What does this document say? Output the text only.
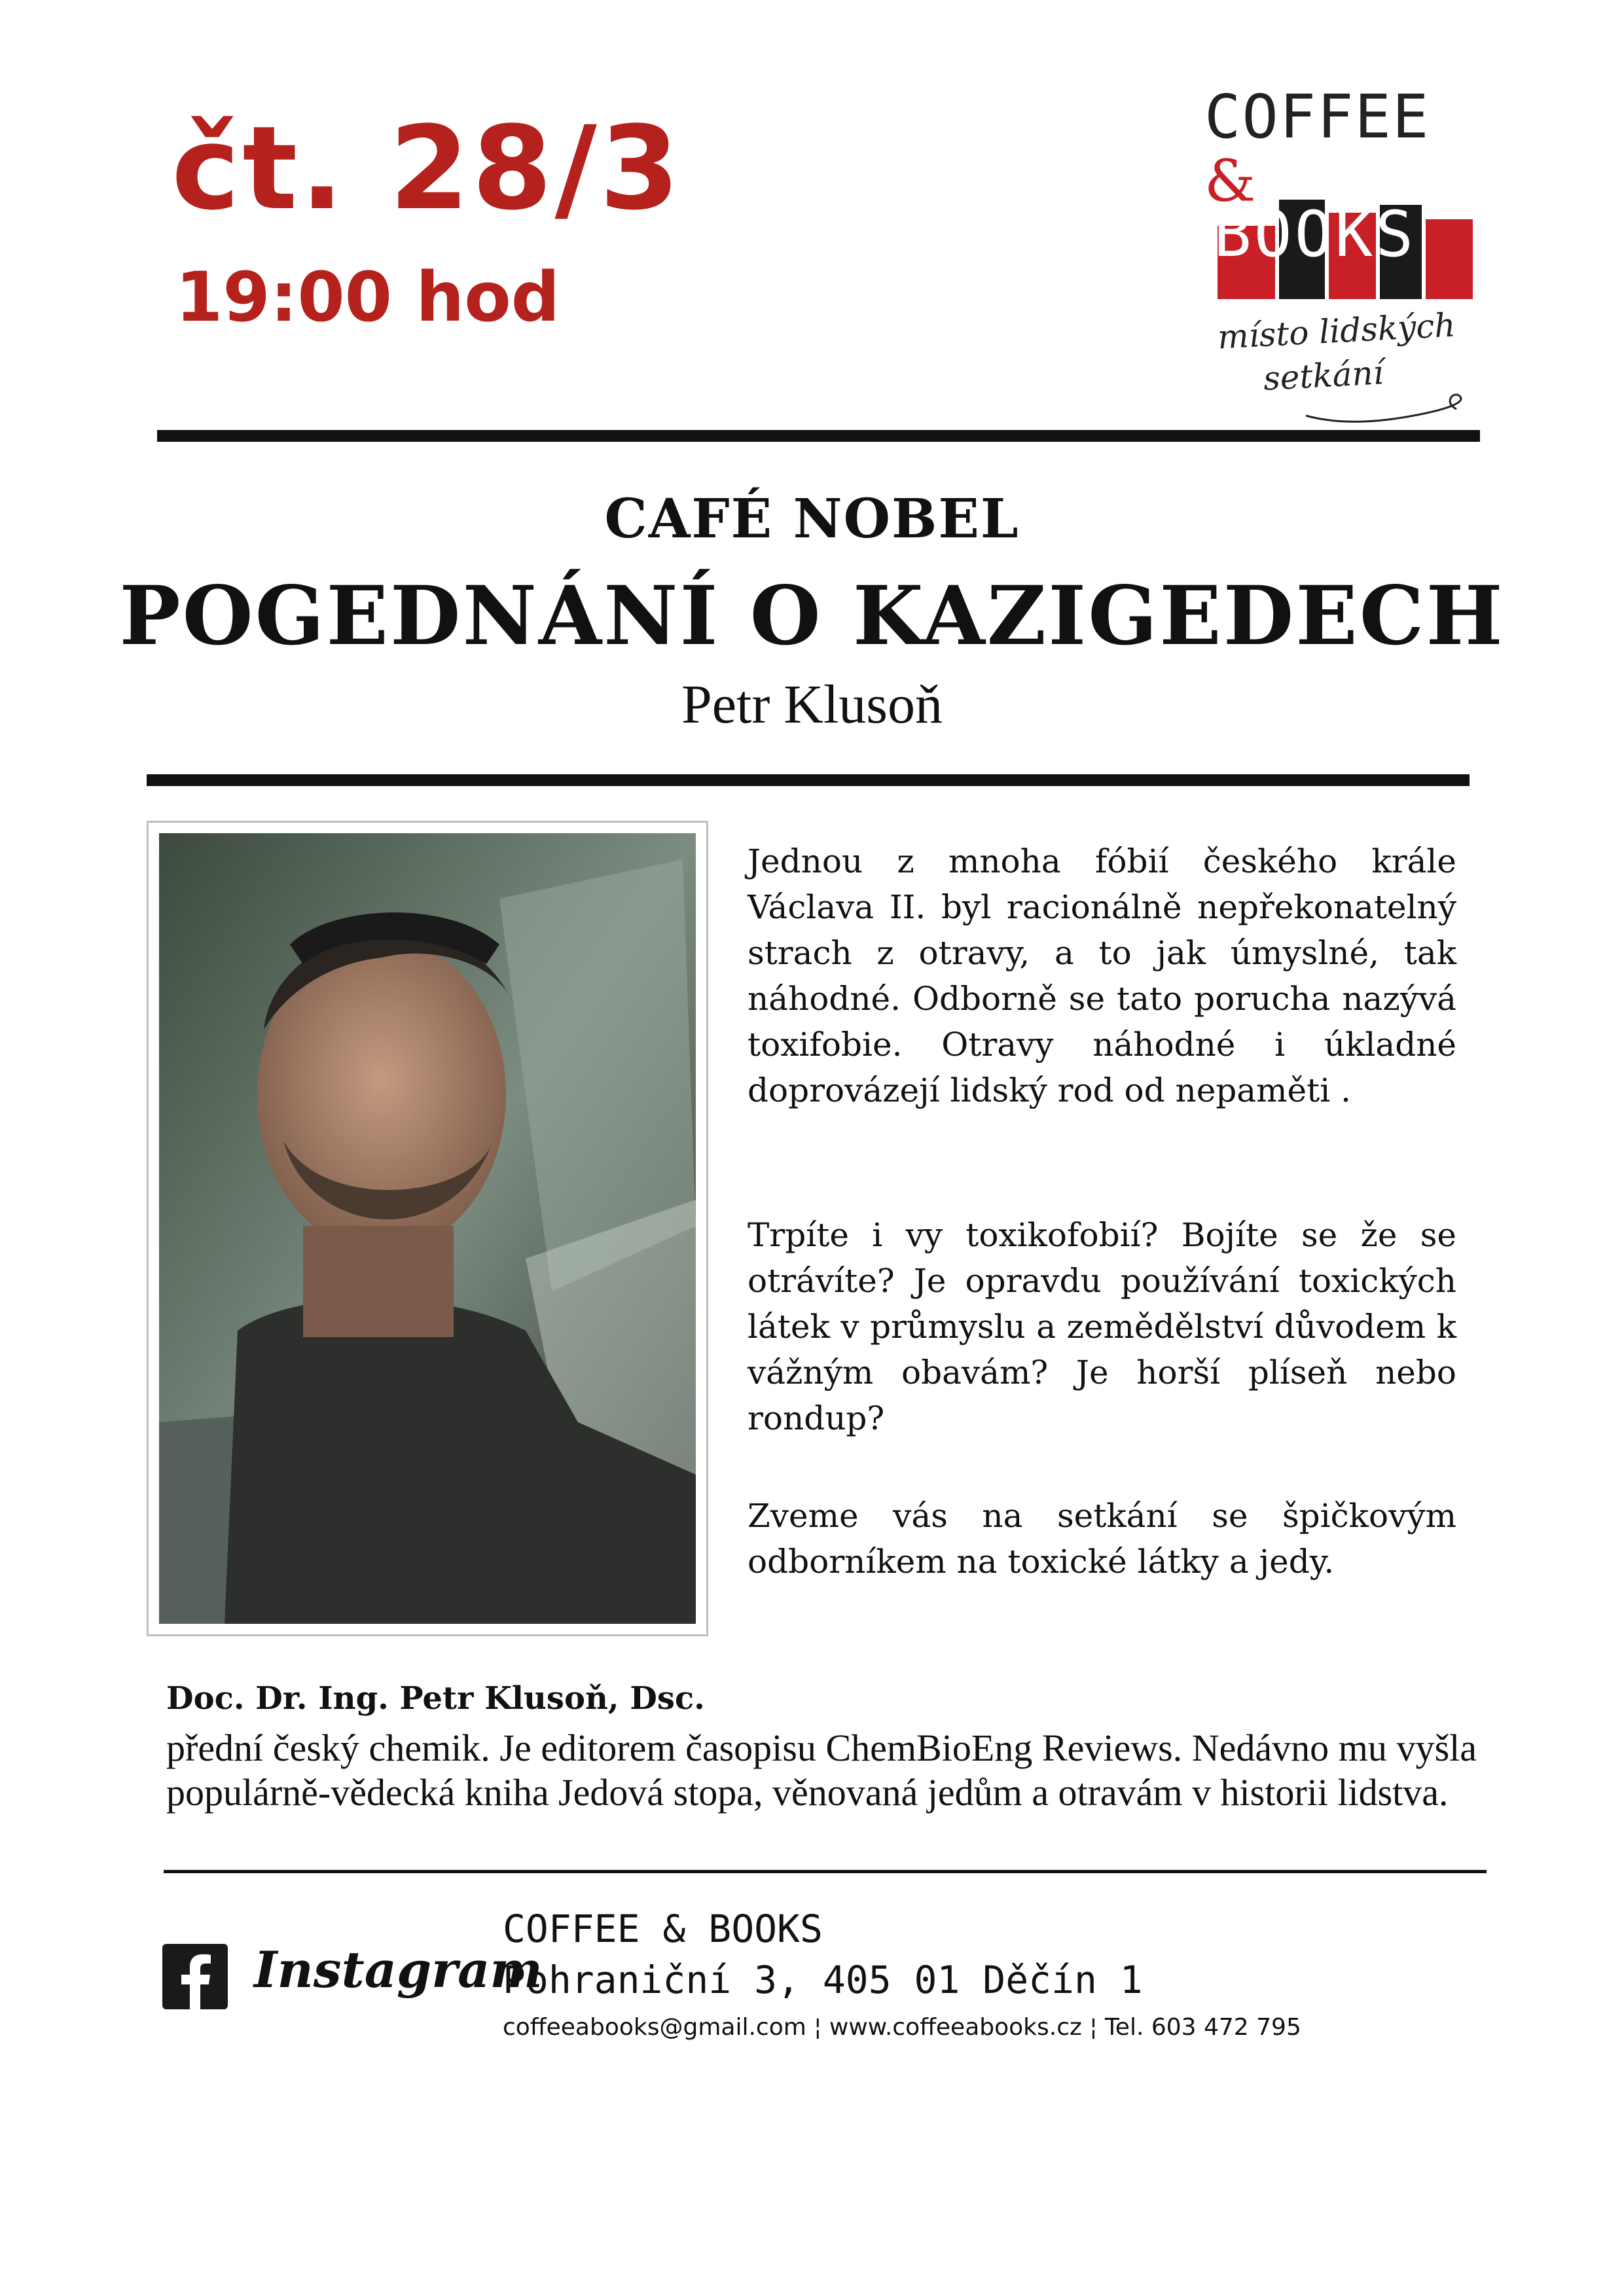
čt. 28/3
19:00 hod
COFFEE
&
BOOKS
místo lidských
setkání
CAFÉ NOBEL
POGEDNÁNÍ O KAZIGEDECH
Petr Klusoň
Jednou z mnoha fóbií českého krále Václava II. byl racionálně nepřekonatelný strach z otravy, a to jak úmyslné, tak náhodné. Odborně se tato porucha nazývá toxifobie. Otravy náhodné i úkladné doprovázejí lidský rod od nepaměti .
Trpíte i vy toxikofobií? Bojíte se že se otrávíte? Je opravdu používání toxických látek v průmyslu a zemědělství důvodem k vážným obavám? Je horší plíseň nebo rondup?
Zveme vás na setkání se špičkovým odborníkem na toxické látky a jedy.
Doc. Dr. Ing. Petr Klusoň, Dsc.
přední český chemik. Je editorem časopisu ChemBioEng Reviews. Nedávno mu vyšla populárně-vědecká kniha Jedová stopa, věnovaná jedům a otravám v historii lidstva.
Instagram
COFFEE & BOOKS
Pohraniční 3, 405 01 Děčín 1
coffeeabooks@gmail.com ¦ www.coffeeabooks.cz ¦ Tel. 603 472 795
